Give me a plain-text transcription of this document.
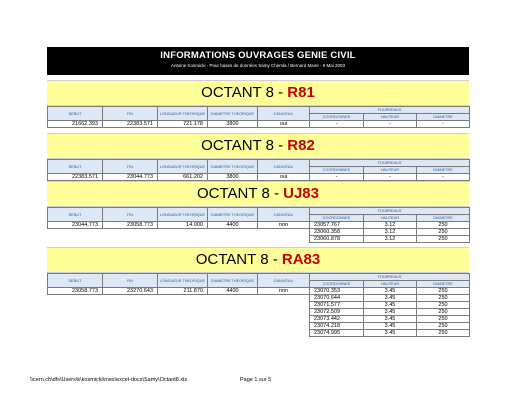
INFORMATIONS OUVRAGES GENIE CIVIL
Antoine Kosmicki - Pour bases de données Samy Chemla / Bernard Maire - 9 Mai 2003
OCTANT 8 - R81
DEBUT	FIN	LONGUEUR THEORIQUE	DIAMETRE THEORIQUE	CANIVEAU	FOURREAUX		
					COORDONNEE	HAUTEUR	DIAMETRE
21662.393	22383.571	721.178	3800	oui	-	-	-
OCTANT 8 - R82
DEBUT	FIN	LONGUEUR THEORIQUE	DIAMETRE THEORIQUE	CANIVEAU	FOURREAUX		
					COORDONNEE	HAUTEUR	DIAMETRE
22383.571	23044.773	661.202	3800	oui	-	-	-
OCTANT 8 - UJ83
DEBUT	FIN	LONGUEUR THEORIQUE	DIAMETRE THEORIQUE	CANIVEAU	FOURREAUX		
					COORDONNEE	HAUTEUR	DIAMETRE
23044.773	23058.773	14.000	4400	non	23057.767	3.12	250
					23060.358	3.12	250
					23060.878	3.12	250
OCTANT 8 - RA83
DEBUT	FIN	LONGUEUR THEORIQUE	DIAMETRE THEORIQUE	CANIVEAU	FOURREAUX		
					COORDONNEE	HAUTEUR	DIAMETRE
23058.773	23270.643	211.870	4400	non	23070.353	3.45	250
					23070.644	3.45	250
					23071.577	3.45	250
					23072.509	3.45	250
					23073.442	3.45	250
					23074.218	3.45	250
					23074.995	3.45	250
\\cern.ch\dfs\Users\k\kosmicki\mes\excel-docs\Samy\Octant8.xls	Page 1 sur 5
